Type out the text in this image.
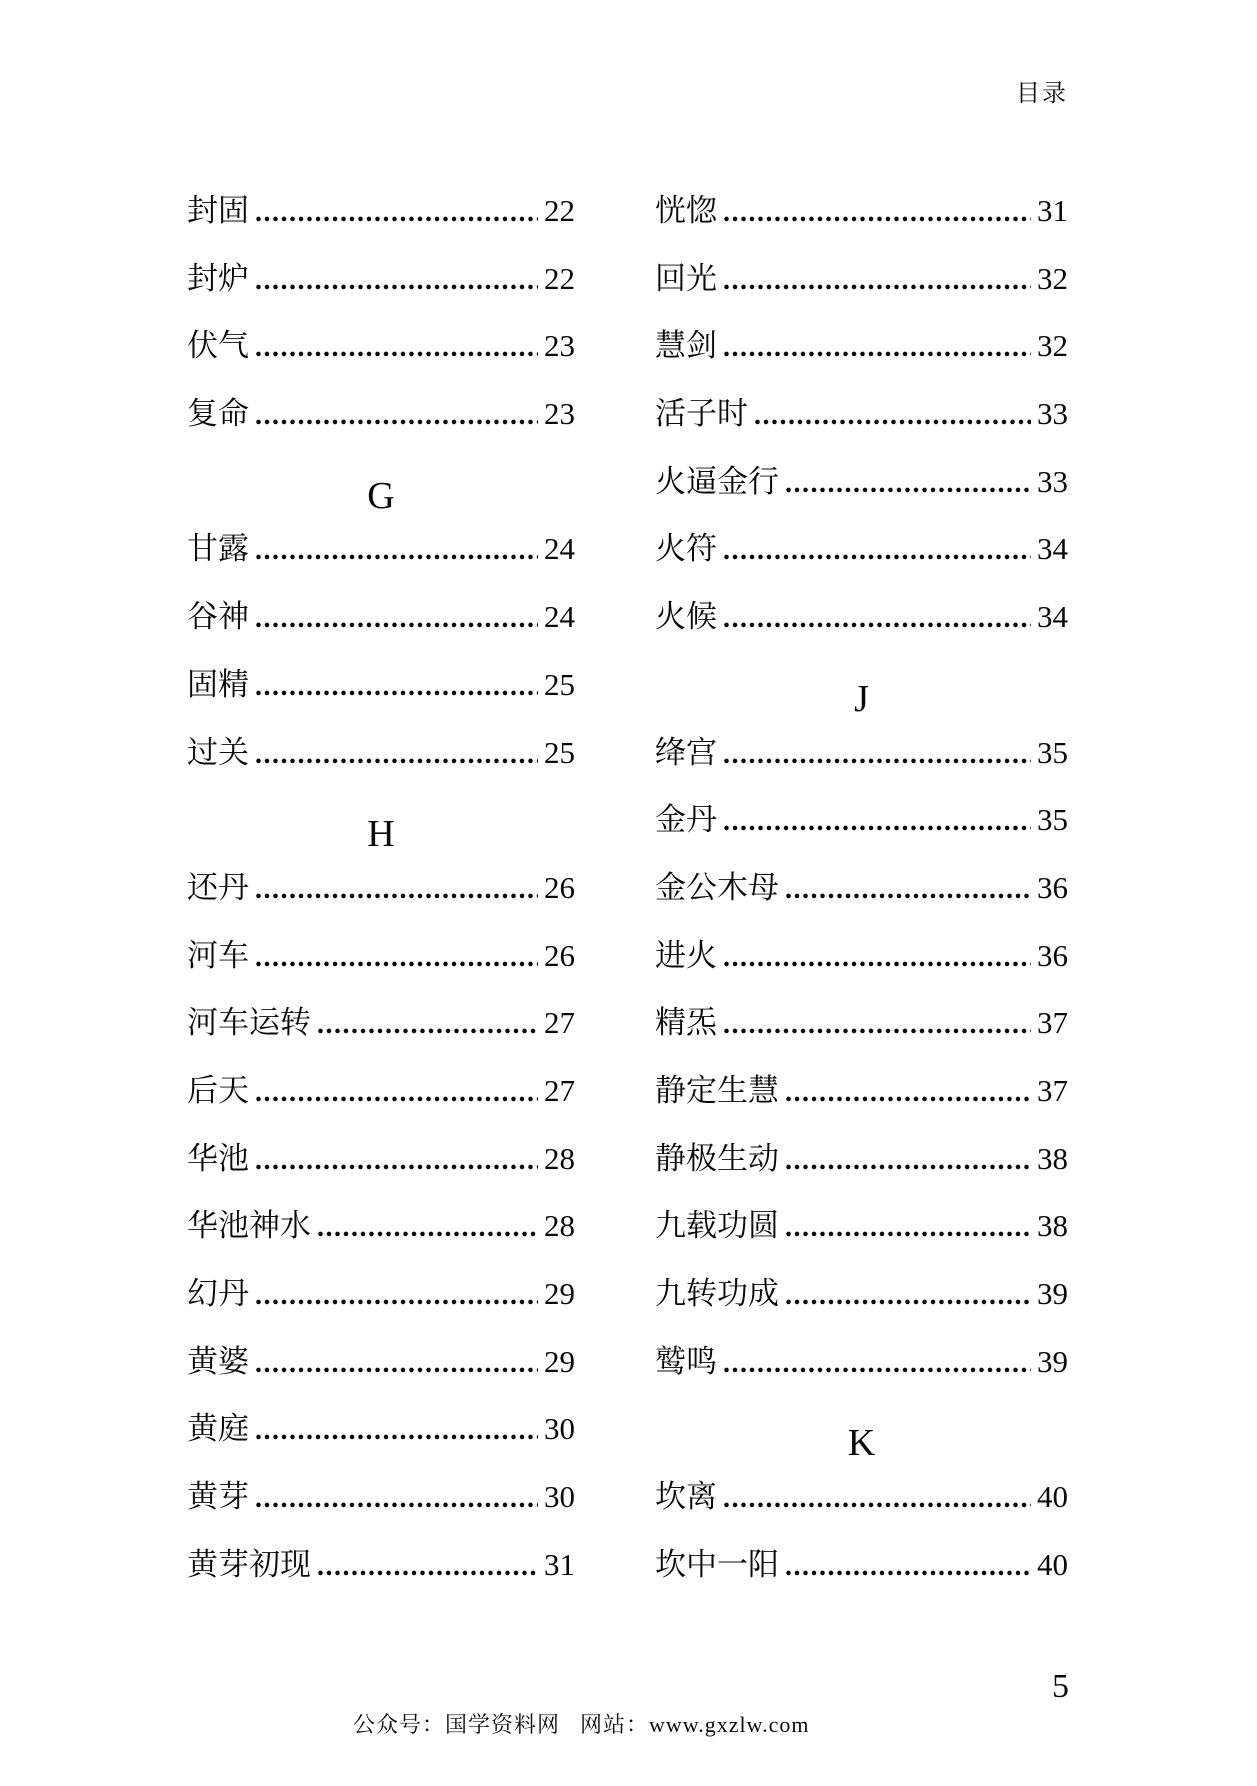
目录
封固 .....	22
封炉 .....	22
伏气 .....	23
复命 .....	23
G
甘露 .....	24
谷神 .....	24
固精 .....	25
过关 .....	25
H
还丹 .....	26
河车 .....	26
河车运转 .....	27
后天 .....	27
华池 .....	28
华池神水 .....	28
幻丹 .....	29
黄婆 .....	29
黄庭 .....	30
黄芽 .....	30
黄芽初现 .....	31
恍惚 .....	31
回光 .....	32
慧剑 .....	32
活子时 .....	33
火逼金行 .....	33
火符 .....	34
火候 .....	34
J
绛宫 .....	35
金丹 .....	35
金公木母 .....	36
进火 .....	36
精炁 .....	37
静定生慧 .....	37
静极生动 .....	38
九载功圆 .....	38
九转功成 .....	39
鹫鸣 .....	39
K
坎离 .....	40
坎中一阳 .....	40
5
公众号：国学资料网 网站：www.gxzlw.com
